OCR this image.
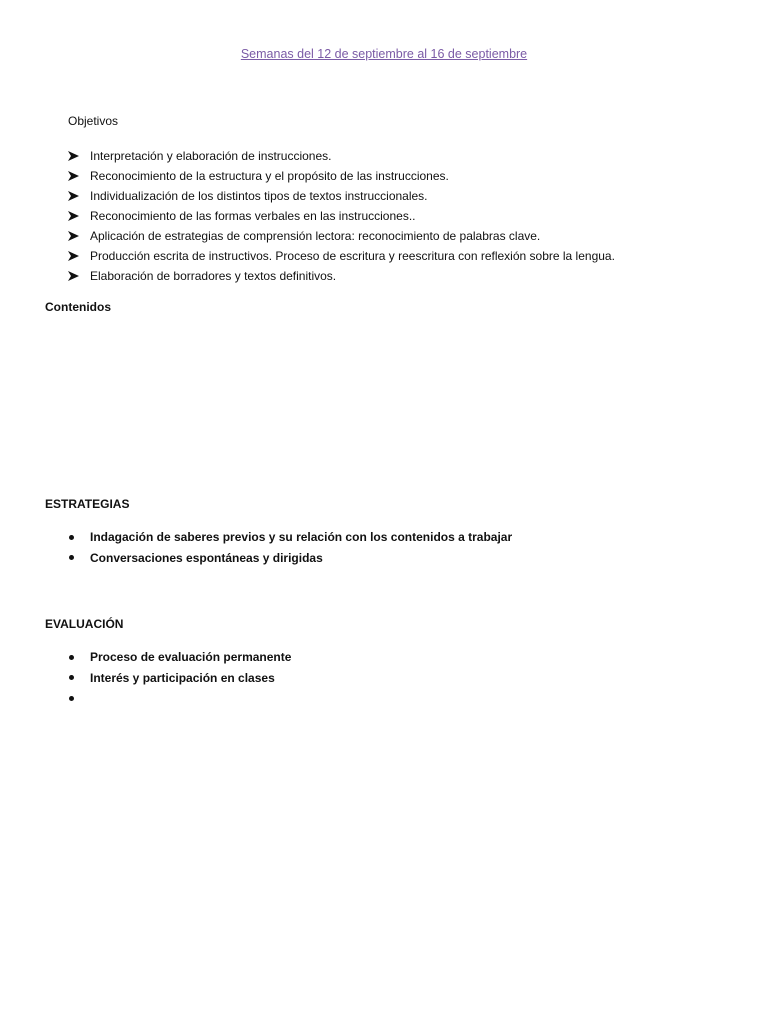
Semanas del 12 de septiembre al 16 de septiembre
Objetivos
Interpretación y elaboración de instrucciones.
Reconocimiento de la estructura y el propósito de las instrucciones.
Individualización de los distintos tipos de textos instruccionales.
Reconocimiento de las formas verbales en las instrucciones..
Aplicación de estrategias de comprensión lectora: reconocimiento de palabras clave.
Producción escrita de instructivos. Proceso de escritura y reescritura con reflexión sobre la lengua.
Elaboración de borradores y textos definitivos.
Contenidos
ESTRATEGIAS
Indagación de saberes previos y su relación con los contenidos a trabajar
Conversaciones espontáneas y dirigidas
EVALUACIÓN
Proceso de evaluación permanente
Interés y participación en clases
